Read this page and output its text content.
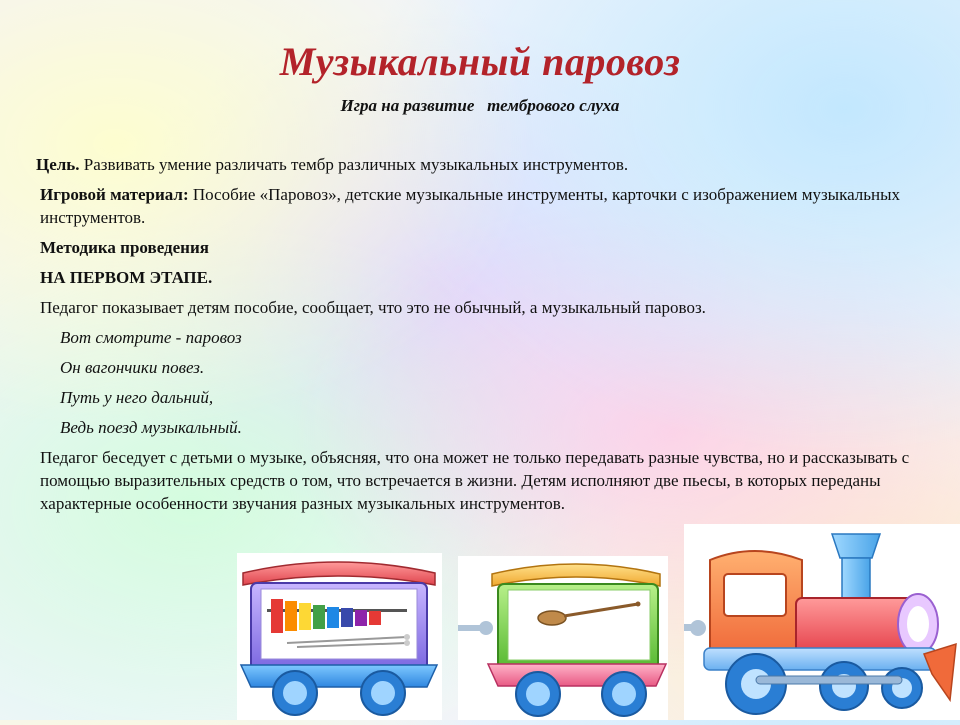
Музыкальный паровоз
Игра на развитие   тембрового слуха

Цель. Развивать умение различать тембр различных музыкальных инструментов.

Игровой материал: Пособие «Паровоз», детские музыкальные инструменты, карточки с изображением музыкальных инструментов.

Методика проведения

НА ПЕРВОМ ЭТАПЕ.

Педагог показывает детям пособие, сообщает, что это не обычный, а музыкальный паровоз.

Вот смотрите - паровоз

Он вагончики повез.

Путь у него дальний,

Ведь поезд музыкальный.

Педагог беседует с детьми о музыке, объясняя, что она может не только передавать разные чувства, но и рассказывать с помощью выразительных средств о том, что встречается в жизни. Детям исполняют две пьесы, в которых переданы характерные особенности звучания разных музыкальных инструментов.
